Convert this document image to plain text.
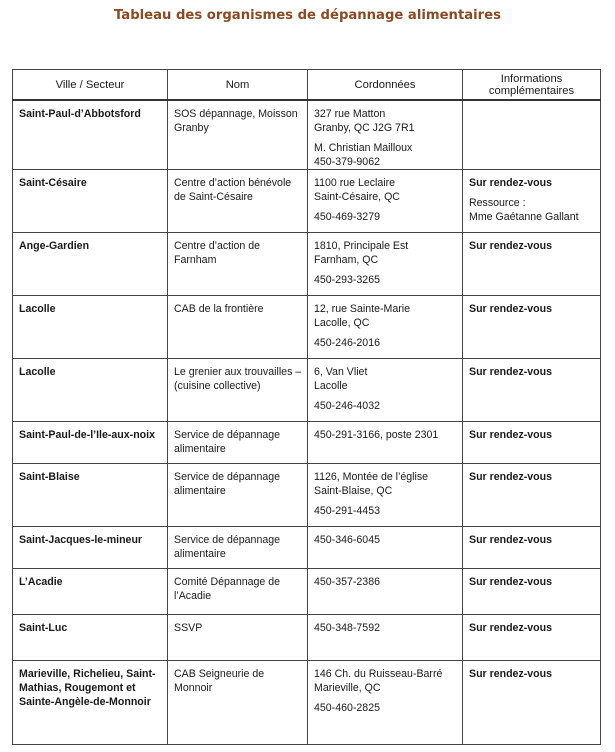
Tableau des organismes de dépannage alimentaires
Ville / Secteur	Nom	Cordonnées	Informations complémentaires
Saint-Paul-d’Abbotsford	SOS dépannage, Moisson Granby	327 rue Matton
Granby, QC J2G 7R1
M. Christian Mailloux
450-379-9062	

Saint-Césaire	Centre d’action bénévole de Saint-Césaire	1100 rue Leclaire
Saint-Césaire, QC
450-469-3279	Sur rendez-vous
Ressource :
Mme Gaétanne Gallant

Ange-Gardien	Centre d’action de Farnham	1810, Principale Est
Farnham, QC
450-293-3265	Sur rendez-vous

Lacolle	CAB de la frontière	12, rue Sainte-Marie
Lacolle, QC
450-246-2016	Sur rendez-vous

Lacolle	Le grenier aux trouvailles – (cuisine collective)	6, Van Vliet
Lacolle
450-246-4032	Sur rendez-vous

Saint-Paul-de-l’Ile-aux-noix	Service de dépannage alimentaire	450-291-3166, poste 2301	Sur rendez-vous

Saint-Blaise	Service de dépannage alimentaire	1126, Montée de l’église
Saint-Blaise, QC
450-291-4453	Sur rendez-vous

Saint-Jacques-le-mineur	Service de dépannage alimentaire	450-346-6045	Sur rendez-vous

L’Acadie	Comité Dépannage de l’Acadie	450-357-2386	Sur rendez-vous

Saint-Luc	SSVP	450-348-7592	Sur rendez-vous

Marieville, Richelieu, Saint-Mathias, Rougemont et Sainte-Angèle-de-Monnoir	CAB Seigneurie de Monnoir	146 Ch. du Ruisseau-Barré
Marieville, QC
450-460-2825	Sur rendez-vous
